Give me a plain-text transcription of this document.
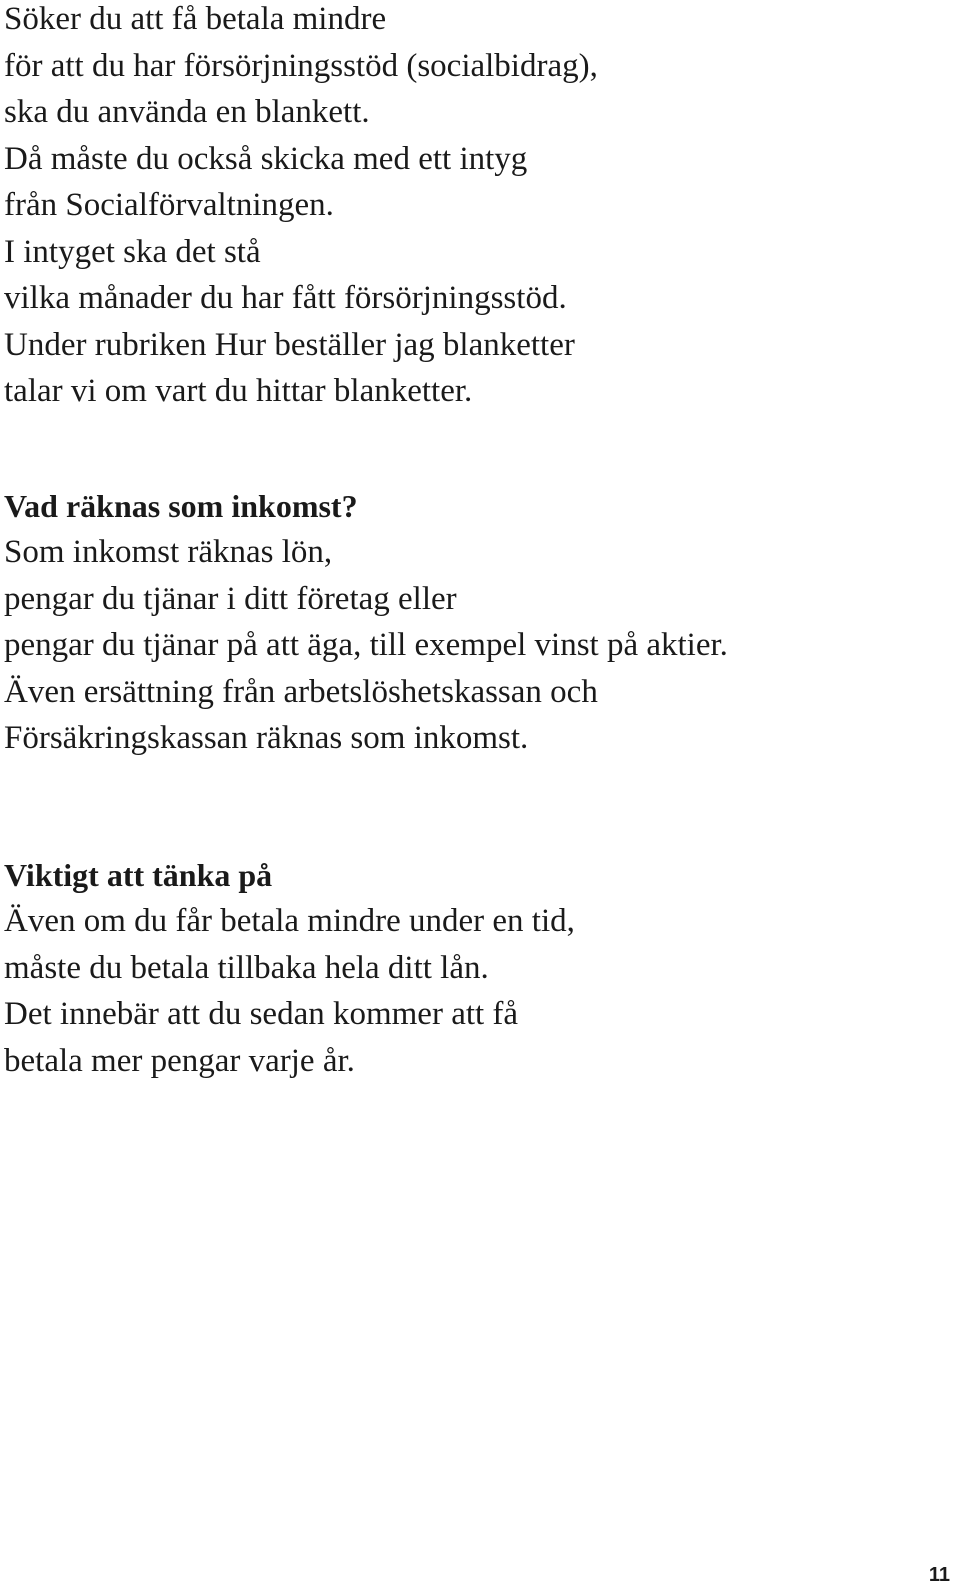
Söker du att få betala mindre
för att du har försörjningsstöd (socialbidrag),
ska du använda en blankett.
Då måste du också skicka med ett intyg
från Socialförvaltningen.
I intyget ska det stå
vilka månader du har fått försörjningsstöd.
Under rubriken Hur beställer jag blanketter
talar vi om vart du hittar blanketter.
Vad räknas som inkomst?
Som inkomst räknas lön,
pengar du tjänar i ditt företag eller
pengar du tjänar på att äga, till exempel vinst på aktier.
Även ersättning från arbetslöshetskassan och
Försäkringskassan räknas som inkomst.
Viktigt att tänka på
Även om du får betala mindre under en tid,
måste du betala tillbaka hela ditt lån.
Det innebär att du sedan kommer att få
betala mer pengar varje år.
11
